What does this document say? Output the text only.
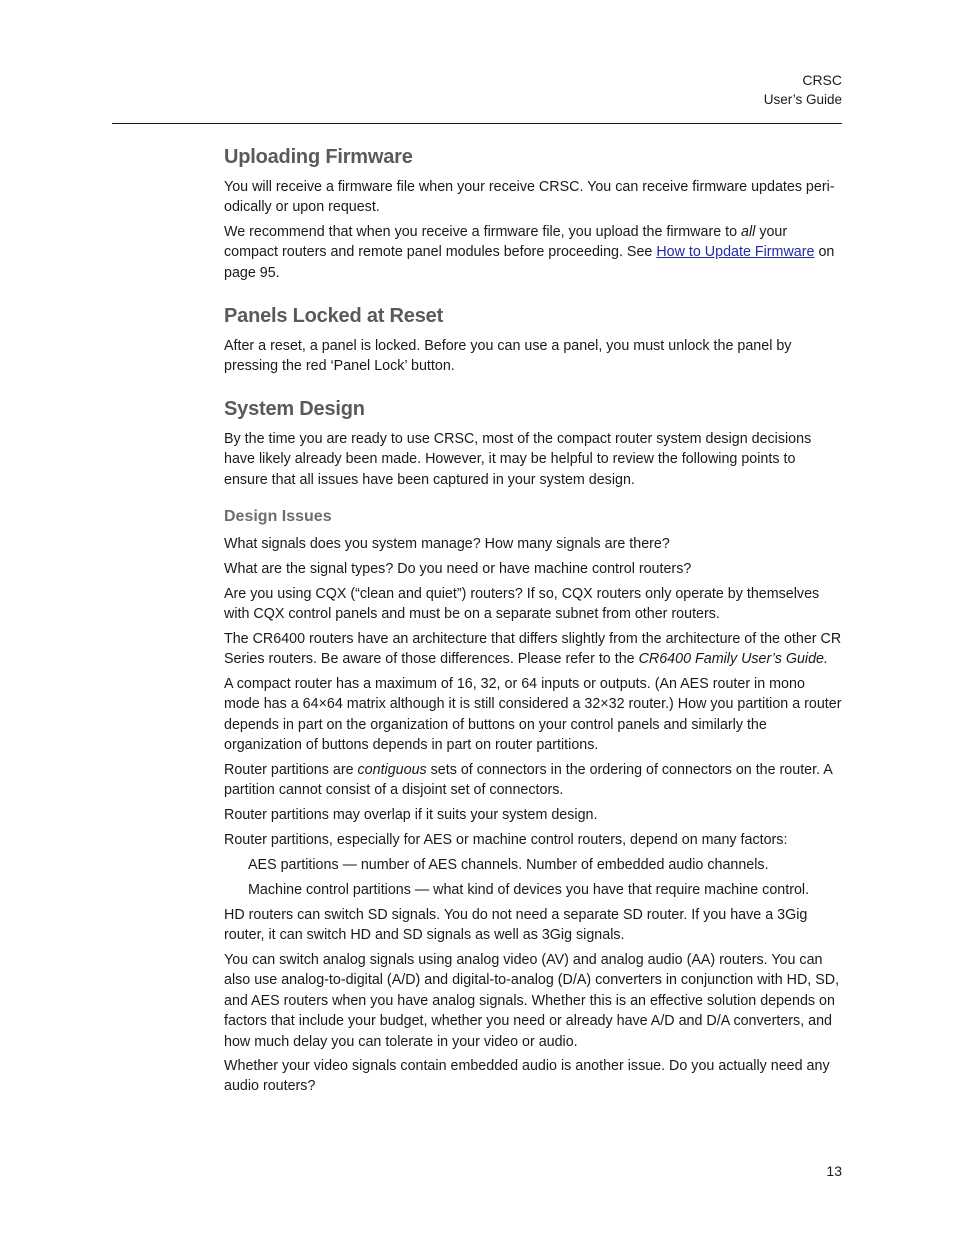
CRSC
User’s Guide
Uploading Firmware

You will receive a firmware file when your receive CRSC. You can receive firmware updates peri-odically or upon request.

We recommend that when you receive a firmware file, you upload the firmware to all your compact routers and remote panel modules before proceeding. See How to Update Firmware on page 95.

Panels Locked at Reset

After a reset, a panel is locked. Before you can use a panel, you must unlock the panel by pressing the red ‘Panel Lock’ button.

System Design

By the time you are ready to use CRSC, most of the compact router system design decisions have likely already been made. However, it may be helpful to review the following points to ensure that all issues have been captured in your system design.

Design Issues

What signals does you system manage? How many signals are there?

What are the signal types? Do you need or have machine control routers?

Are you using CQX (“clean and quiet”) routers? If so, CQX routers only operate by themselves with CQX control panels and must be on a separate subnet from other routers.

The CR6400 routers have an architecture that differs slightly from the architecture of the other CR Series routers. Be aware of those differences. Please refer to the CR6400 Family User’s Guide.

A compact router has a maximum of 16, 32, or 64 inputs or outputs. (An AES router in mono mode has a 64×64 matrix although it is still considered a 32×32 router.) How you partition a router depends in part on the organization of buttons on your control panels and similarly the organization of buttons depends in part on router partitions.

Router partitions are contiguous sets of connectors in the ordering of connectors on the router. A partition cannot consist of a disjoint set of connectors.

Router partitions may overlap if it suits your system design.

Router partitions, especially for AES or machine control routers, depend on many factors:

AES partitions — number of AES channels. Number of embedded audio channels.

Machine control partitions — what kind of devices you have that require machine control.

HD routers can switch SD signals. You do not need a separate SD router. If you have a 3Gig router, it can switch HD and SD signals as well as 3Gig signals.

You can switch analog signals using analog video (AV) and analog audio (AA) routers. You can also use analog-to-digital (A/D) and digital-to-analog (D/A) converters in conjunction with HD, SD, and AES routers when you have analog signals. Whether this is an effective solution depends on factors that include your budget, whether you need or already have A/D and D/A converters, and how much delay you can tolerate in your video or audio.

Whether your video signals contain embedded audio is another issue. Do you actually need any audio routers?

13
